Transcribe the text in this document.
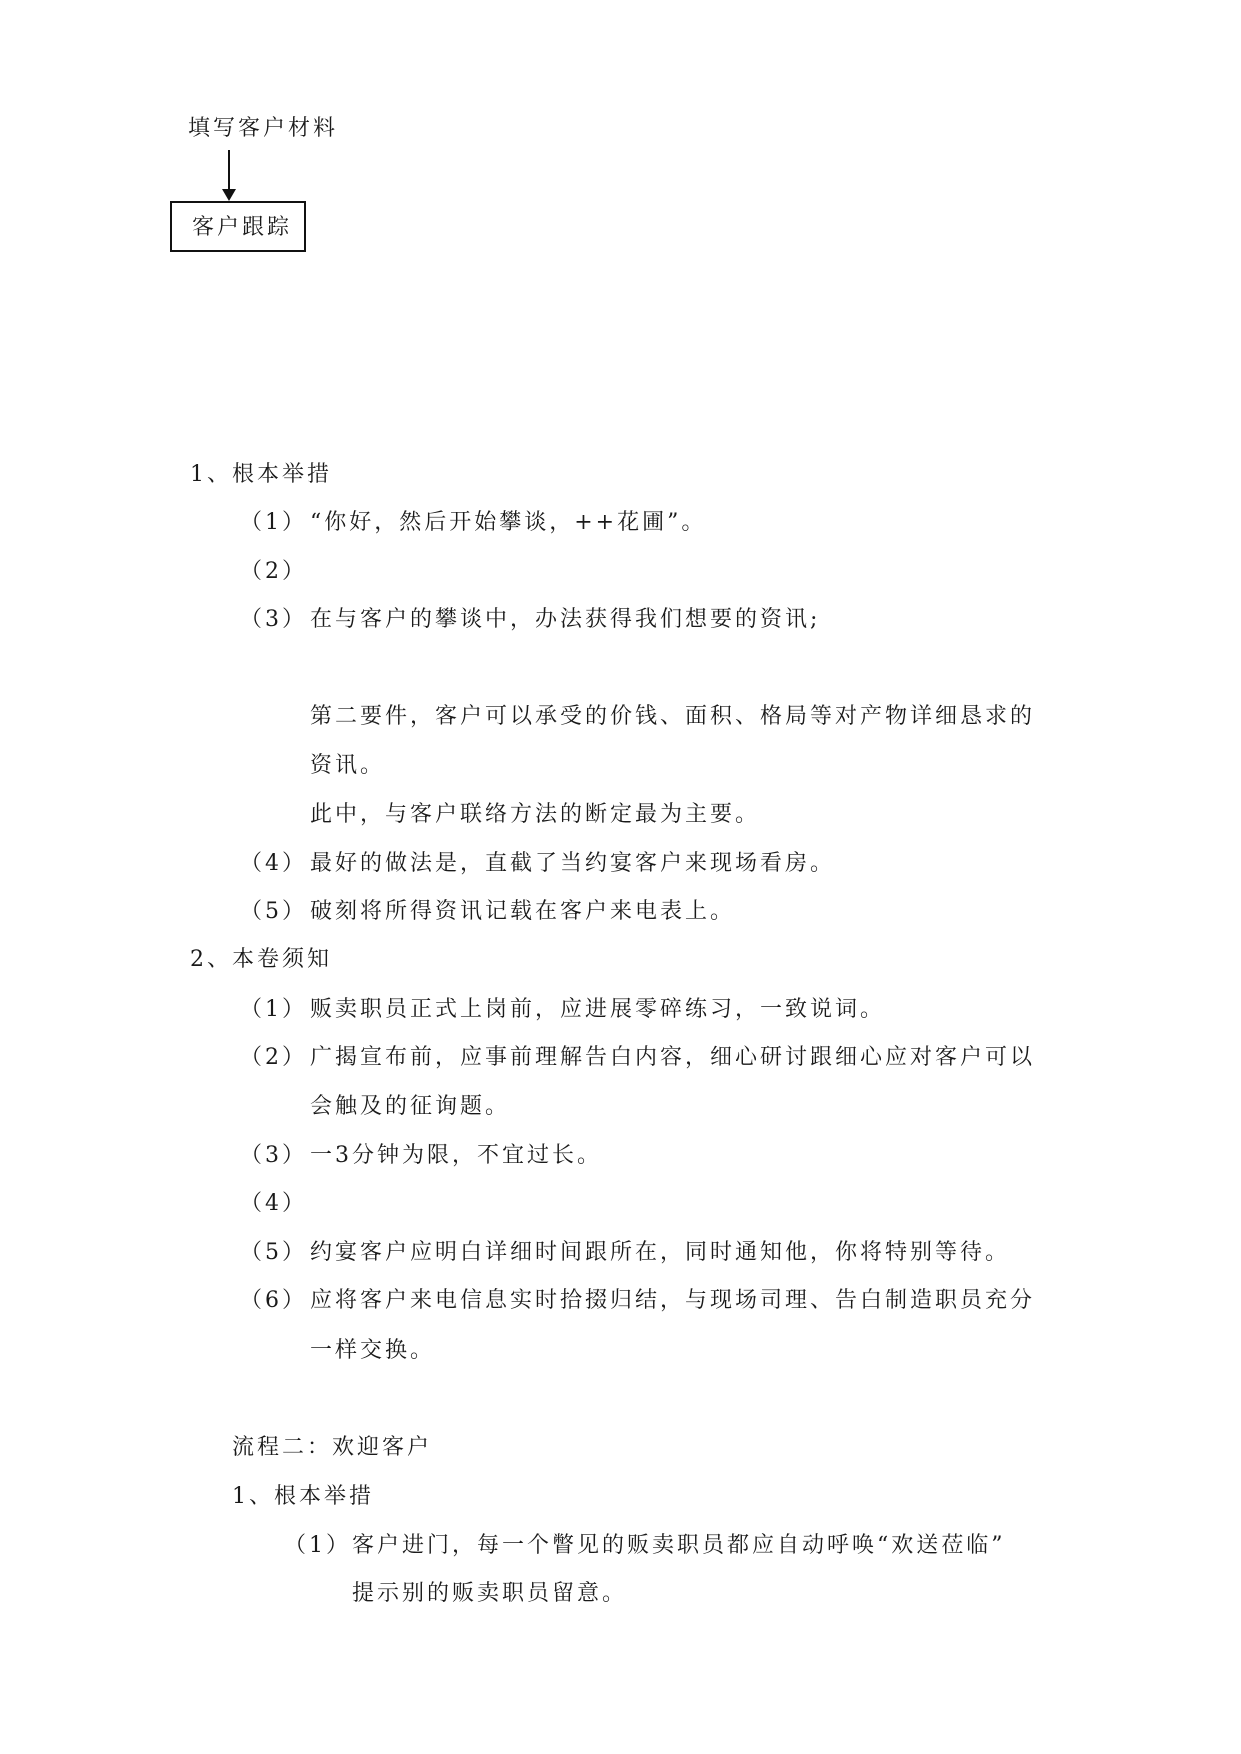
填写客户材料
客户跟踪
1、根本举措
（1） “你好，然后开始攀谈，++花圃”。
（2）
（3） 在与客户的攀谈中，办法获得我们想要的资讯;
第二要件，客户可以承受的价钱、面积、格局等对产物详细恳求的
资讯。
此中，与客户联络方法的断定最为主要。
（4） 最好的做法是，直截了当约宴客户来现场看房。
（5） 破刻将所得资讯记载在客户来电表上。
2、本卷须知
（1） 贩卖职员正式上岗前，应进展零碎练习，一致说词。
（2） 广揭宣布前，应事前理解告白内容，细心研讨跟细心应对客户可以
会触及的征询题。
（3） 一3分钟为限，不宜过长。
（4）
（5） 约宴客户应明白详细时间跟所在，同时通知他，你将特别等待。
（6） 应将客户来电信息实时拾掇归结，与现场司理、告白制造职员充分
一样交换。
流程二：欢迎客户
1、根本举措
（1） 客户进门，每一个瞥见的贩卖职员都应自动呼唤“欢送莅临”
提示别的贩卖职员留意。
